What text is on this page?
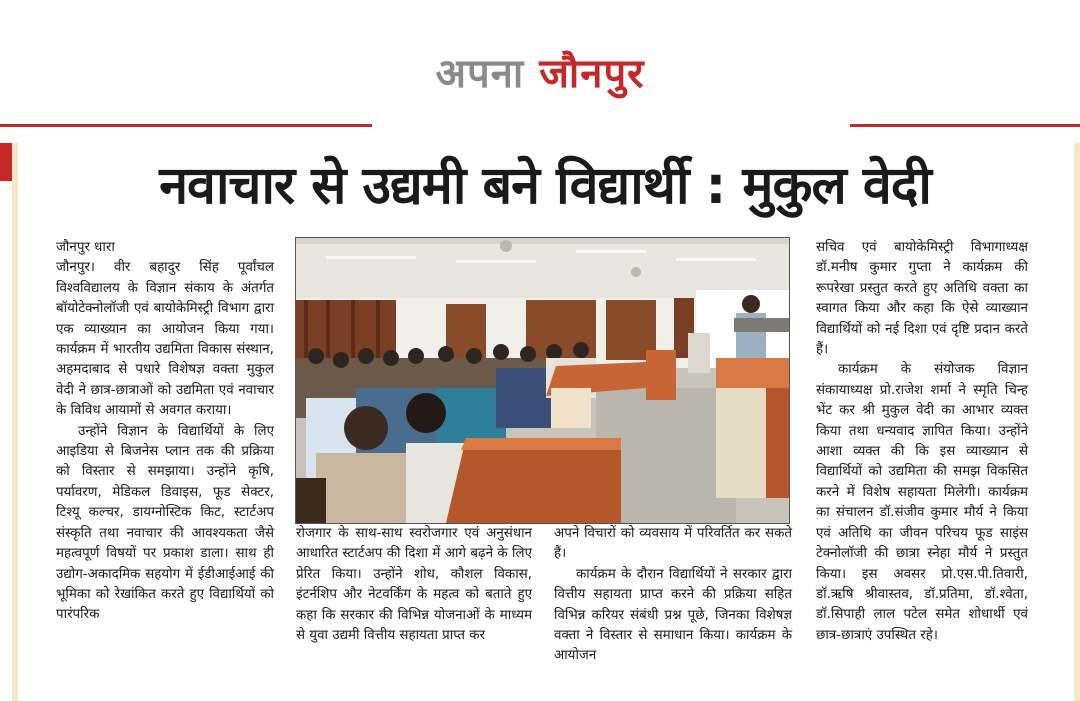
अपना जौनपुर
नवाचार से उद्यमी बने विद्यार्थी : मुकुल वेदी

जौनपुर धारा

जौनपुर। वीर बहादुर सिंह पूर्वांचल विश्वविद्यालय के विज्ञान संकाय के अंतर्गत बॉयोटेक्नोलॉजी एवं बायोकेमिस्ट्री विभाग द्वारा एक व्याख्यान का आयोजन किया गया। कार्यक्रम में भारतीय उद्यमिता विकास संस्थान, अहमदाबाद से पधारे विशेषज्ञ वक्ता मुकुल वेदी ने छात्र-छात्राओं को उद्यमिता एवं नवाचार के विविध आयामों से अवगत कराया।

उन्होंने विज्ञान के विद्यार्थियों के लिए आइडिया से बिजनेस प्लान तक की प्रक्रिया को विस्तार से समझाया। उन्होंने कृषि, पर्यावरण, मेडिकल डिवाइस, फूड सेक्टर, टिश्यू कल्चर, डायग्नोस्टिक किट, स्टार्टअप संस्कृति तथा नवाचार की आवश्यकता जैसे महत्वपूर्ण विषयों पर प्रकाश डाला। साथ ही उद्योग-अकादमिक सहयोग में ईडीआईआई की भूमिका को रेखांकित करते हुए विद्यार्थियों को पारंपरिक

रोजगार के साथ-साथ स्वरोजगार एवं अनुसंधान आधारित स्टार्टअप की दिशा में आगे बढ़ने के लिए प्रेरित किया। उन्होंने शोध, कौशल विकास, इंटर्नशिप और नेटवर्किंग के महत्व को बताते हुए कहा कि सरकार की विभिन्न योजनाओं के माध्यम से युवा उद्यमी वित्तीय सहायता प्राप्त कर

अपने विचारों को व्यवसाय में परिवर्तित कर सकते हैं।

कार्यक्रम के दौरान विद्यार्थियों ने सरकार द्वारा वित्तीय सहायता प्राप्त करने की प्रक्रिया सहित विभिन्न करियर संबंधी प्रश्न पूछे, जिनका विशेषज्ञ वक्ता ने विस्तार से समाधान किया। कार्यक्रम के आयोजन

सचिव एवं बायोकेमिस्ट्री विभागाध्यक्ष डॉ.मनीष कुमार गुप्ता ने कार्यक्रम की रूपरेखा प्रस्तुत करते हुए अतिथि वक्ता का स्वागत किया और कहा कि ऐसे व्याख्यान विद्यार्थियों को नई दिशा एवं दृष्टि प्रदान करते हैं।

कार्यक्रम के संयोजक विज्ञान संकायाध्यक्ष प्रो.राजेश शर्मा ने स्मृति चिन्ह भेंट कर श्री मुकुल वेदी का आभार व्यक्त किया तथा धन्यवाद ज्ञापित किया। उन्होंने आशा व्यक्त की कि इस व्याख्यान से विद्यार्थियों को उद्यमिता की समझ विकसित करने में विशेष सहायता मिलेगी। कार्यक्रम का संचालन डॉ.संजीव कुमार मौर्य ने किया एवं अतिथि का जीवन परिचय फूड साइंस टेक्नोलॉजी की छात्रा स्नेहा मौर्य ने प्रस्तुत किया। इस अवसर प्रो.एस.पी.तिवारी, डॉ.ऋषि श्रीवास्तव, डॉ.प्रतिमा, डॉ.श्वेता, डॉ.सिपाही लाल पटेल समेत शोधार्थी एवं छात्र-छात्राएं उपस्थित रहे।
